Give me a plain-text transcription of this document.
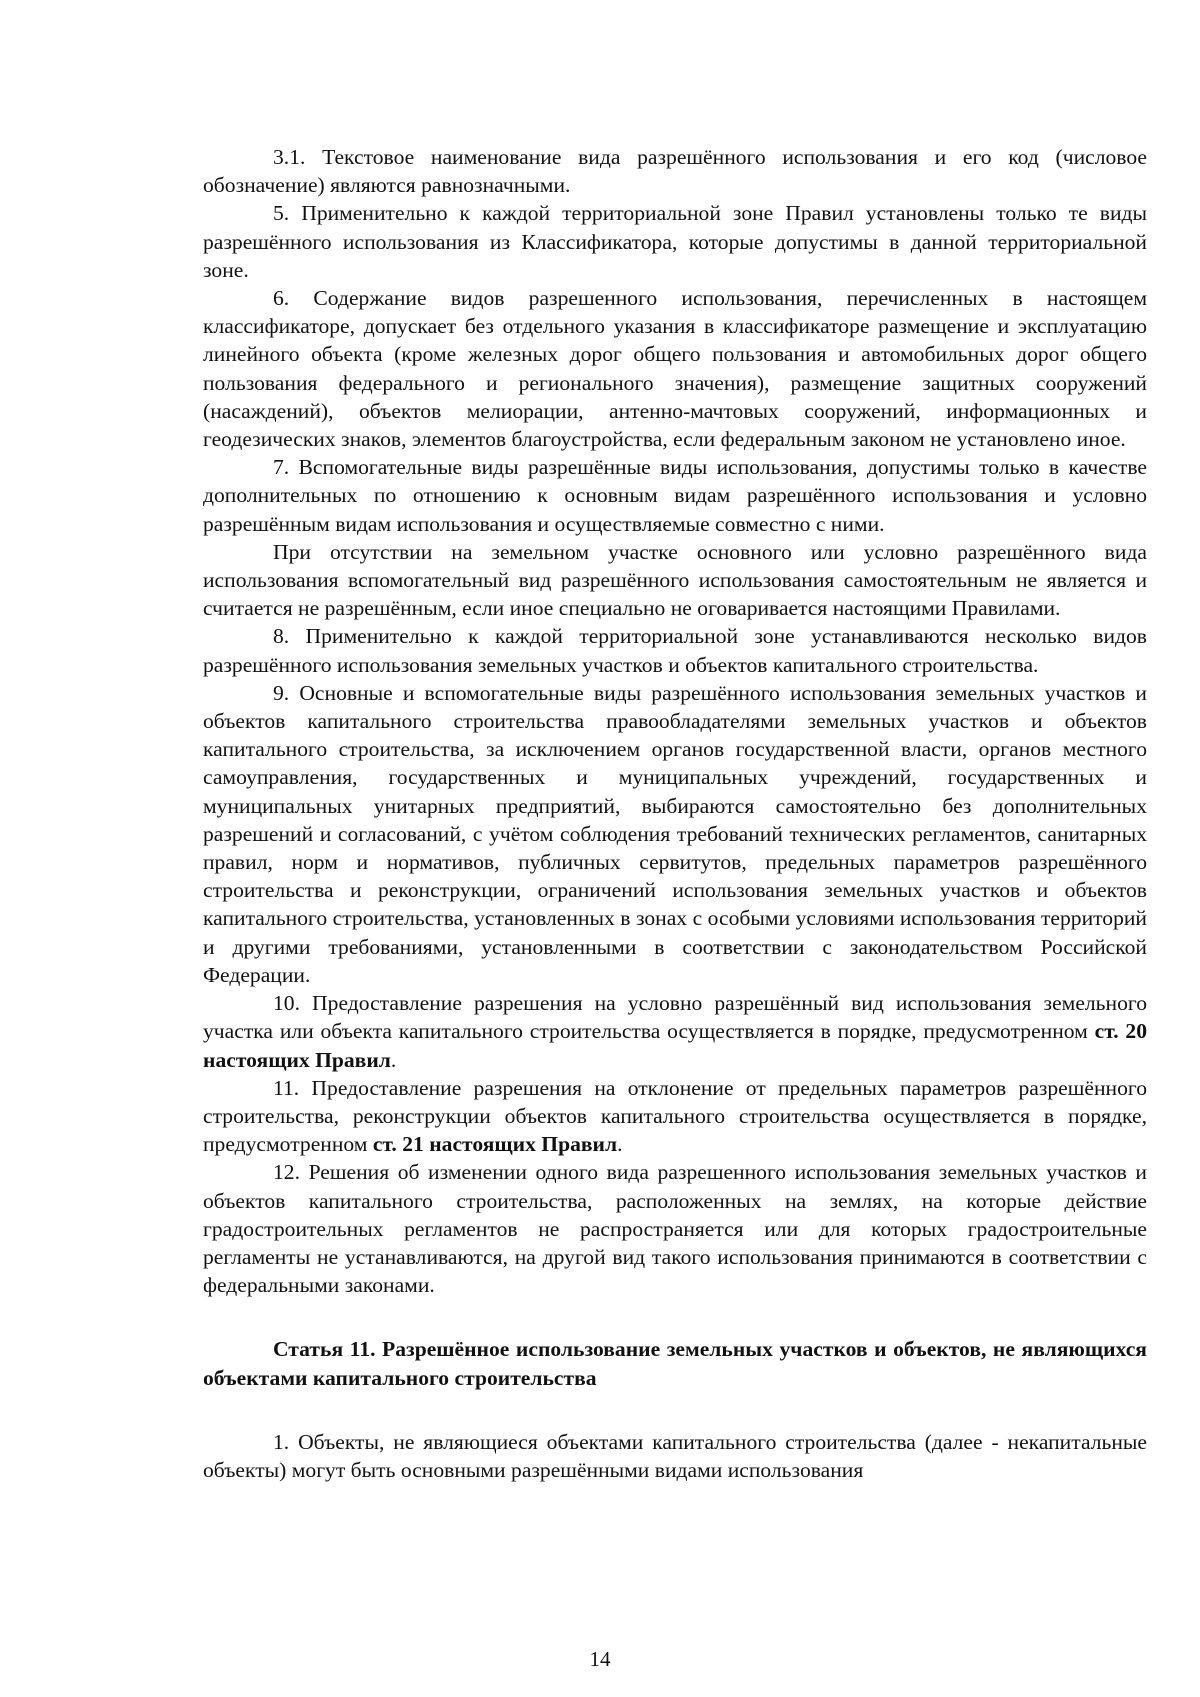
3.1. Текстовое наименование вида разрешённого использования и его код (числовое обозначение) являются равнозначными.

5. Применительно к каждой территориальной зоне Правил установлены только те виды разрешённого использования из Классификатора, которые допустимы в данной территориальной зоне.

6. Содержание видов разрешенного использования, перечисленных в настоящем классификаторе, допускает без отдельного указания в классификаторе размещение и эксплуатацию линейного объекта (кроме железных дорог общего пользования и автомобильных дорог общего пользования федерального и регионального значения), размещение защитных сооружений (насаждений), объектов мелиорации, антенно-мачтовых сооружений, информационных и геодезических знаков, элементов благоустройства, если федеральным законом не установлено иное.

7. Вспомогательные виды разрешённые виды использования, допустимы только в качестве дополнительных по отношению к основным видам разрешённого использования и условно разрешённым видам использования и осуществляемые совместно с ними.

При отсутствии на земельном участке основного или условно разрешённого вида использования вспомогательный вид разрешённого использования самостоятельным не является и считается не разрешённым, если иное специально не оговаривается настоящими Правилами.

8. Применительно к каждой территориальной зоне устанавливаются несколько видов разрешённого использования земельных участков и объектов капитального строительства.

9. Основные и вспомогательные виды разрешённого использования земельных участков и объектов капитального строительства правообладателями земельных участков и объектов капитального строительства, за исключением органов государственной власти, органов местного самоуправления, государственных и муниципальных учреждений, государственных и муниципальных унитарных предприятий, выбираются самостоятельно без дополнительных разрешений и согласований, с учётом соблюдения требований технических регламентов, санитарных правил, норм и нормативов, публичных сервитутов, предельных параметров разрешённого строительства и реконструкции, ограничений использования земельных участков и объектов капитального строительства, установленных в зонах с особыми условиями использования территорий и другими требованиями, установленными в соответствии с законодательством Российской Федерации.

10. Предоставление разрешения на условно разрешённый вид использования земельного участка или объекта капитального строительства осуществляется в порядке, предусмотренном ст. 20 настоящих Правил.

11. Предоставление разрешения на отклонение от предельных параметров разрешённого строительства, реконструкции объектов капитального строительства осуществляется в порядке, предусмотренном ст. 21 настоящих Правил.

12. Решения об изменении одного вида разрешенного использования земельных участков и объектов капитального строительства, расположенных на землях, на которые действие градостроительных регламентов не распространяется или для которых градостроительные регламенты не устанавливаются, на другой вид такого использования принимаются в соответствии с федеральными законами.

Статья 11. Разрешённое использование земельных участков и объектов, не являющихся объектами капитального строительства

1. Объекты, не являющиеся объектами капитального строительства (далее - некапитальные объекты) могут быть основными разрешёнными видами использования

14
